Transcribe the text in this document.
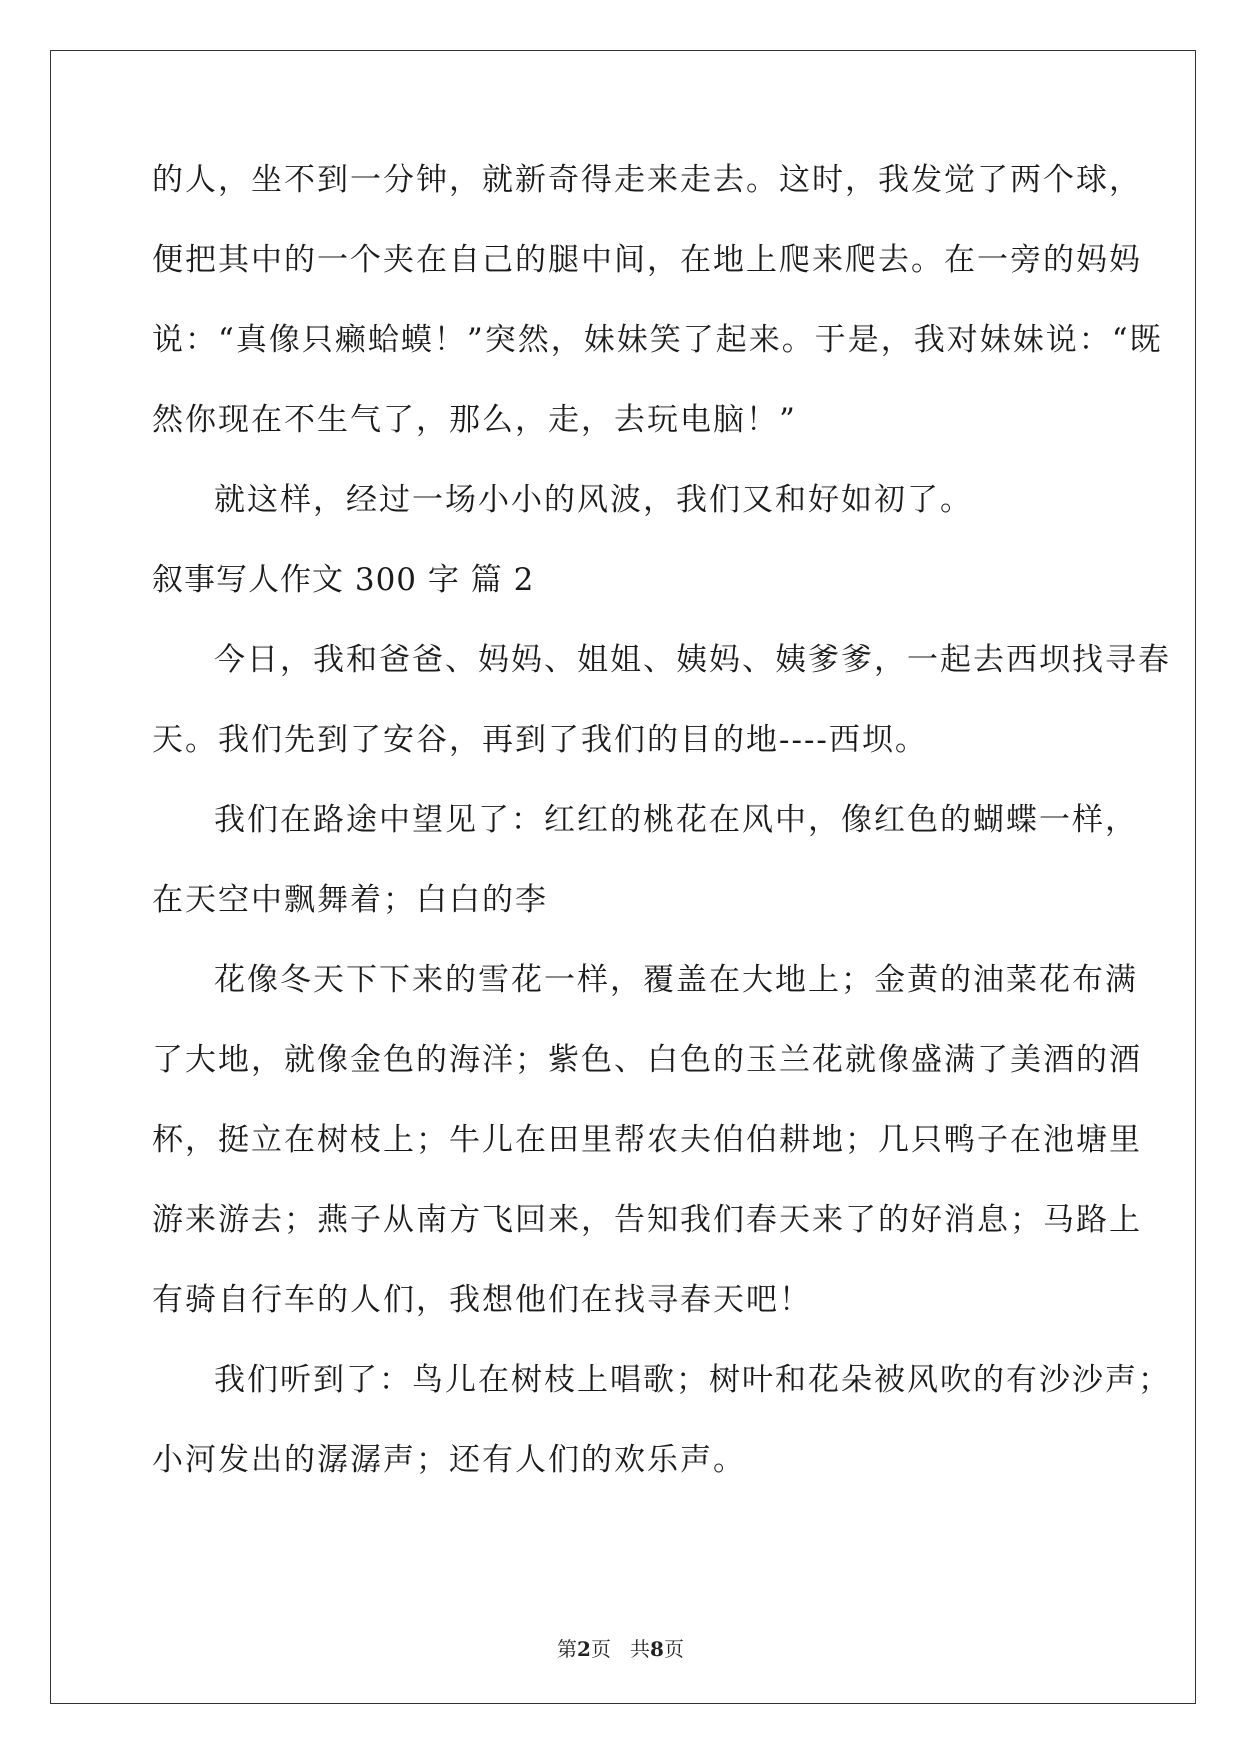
的人，坐不到一分钟，就新奇得走来走去。这时，我发觉了两个球，
便把其中的一个夹在自己的腿中间，在地上爬来爬去。在一旁的妈妈
说：“真像只癞蛤蟆！”突然，妹妹笑了起来。于是，我对妹妹说：“既
然你现在不生气了，那么，走，去玩电脑！”
就这样，经过一场小小的风波，我们又和好如初了。
叙事写人作文 300 字 篇 2
今日，我和爸爸、妈妈、姐姐、姨妈、姨爹爹，一起去西坝找寻春
天。我们先到了安谷，再到了我们的目的地----西坝。
我们在路途中望见了：红红的桃花在风中，像红色的蝴蝶一样，
在天空中飘舞着；白白的李
花像冬天下下来的雪花一样，覆盖在大地上；金黄的油菜花布满
了大地，就像金色的海洋；紫色、白色的玉兰花就像盛满了美酒的酒
杯，挺立在树枝上；牛儿在田里帮农夫伯伯耕地；几只鸭子在池塘里
游来游去；燕子从南方飞回来，告知我们春天来了的好消息；马路上
有骑自行车的人们，我想他们在找寻春天吧！
我们听到了：鸟儿在树枝上唱歌；树叶和花朵被风吹的有沙沙声；
小河发出的潺潺声；还有人们的欢乐声。
第2页 共8页
